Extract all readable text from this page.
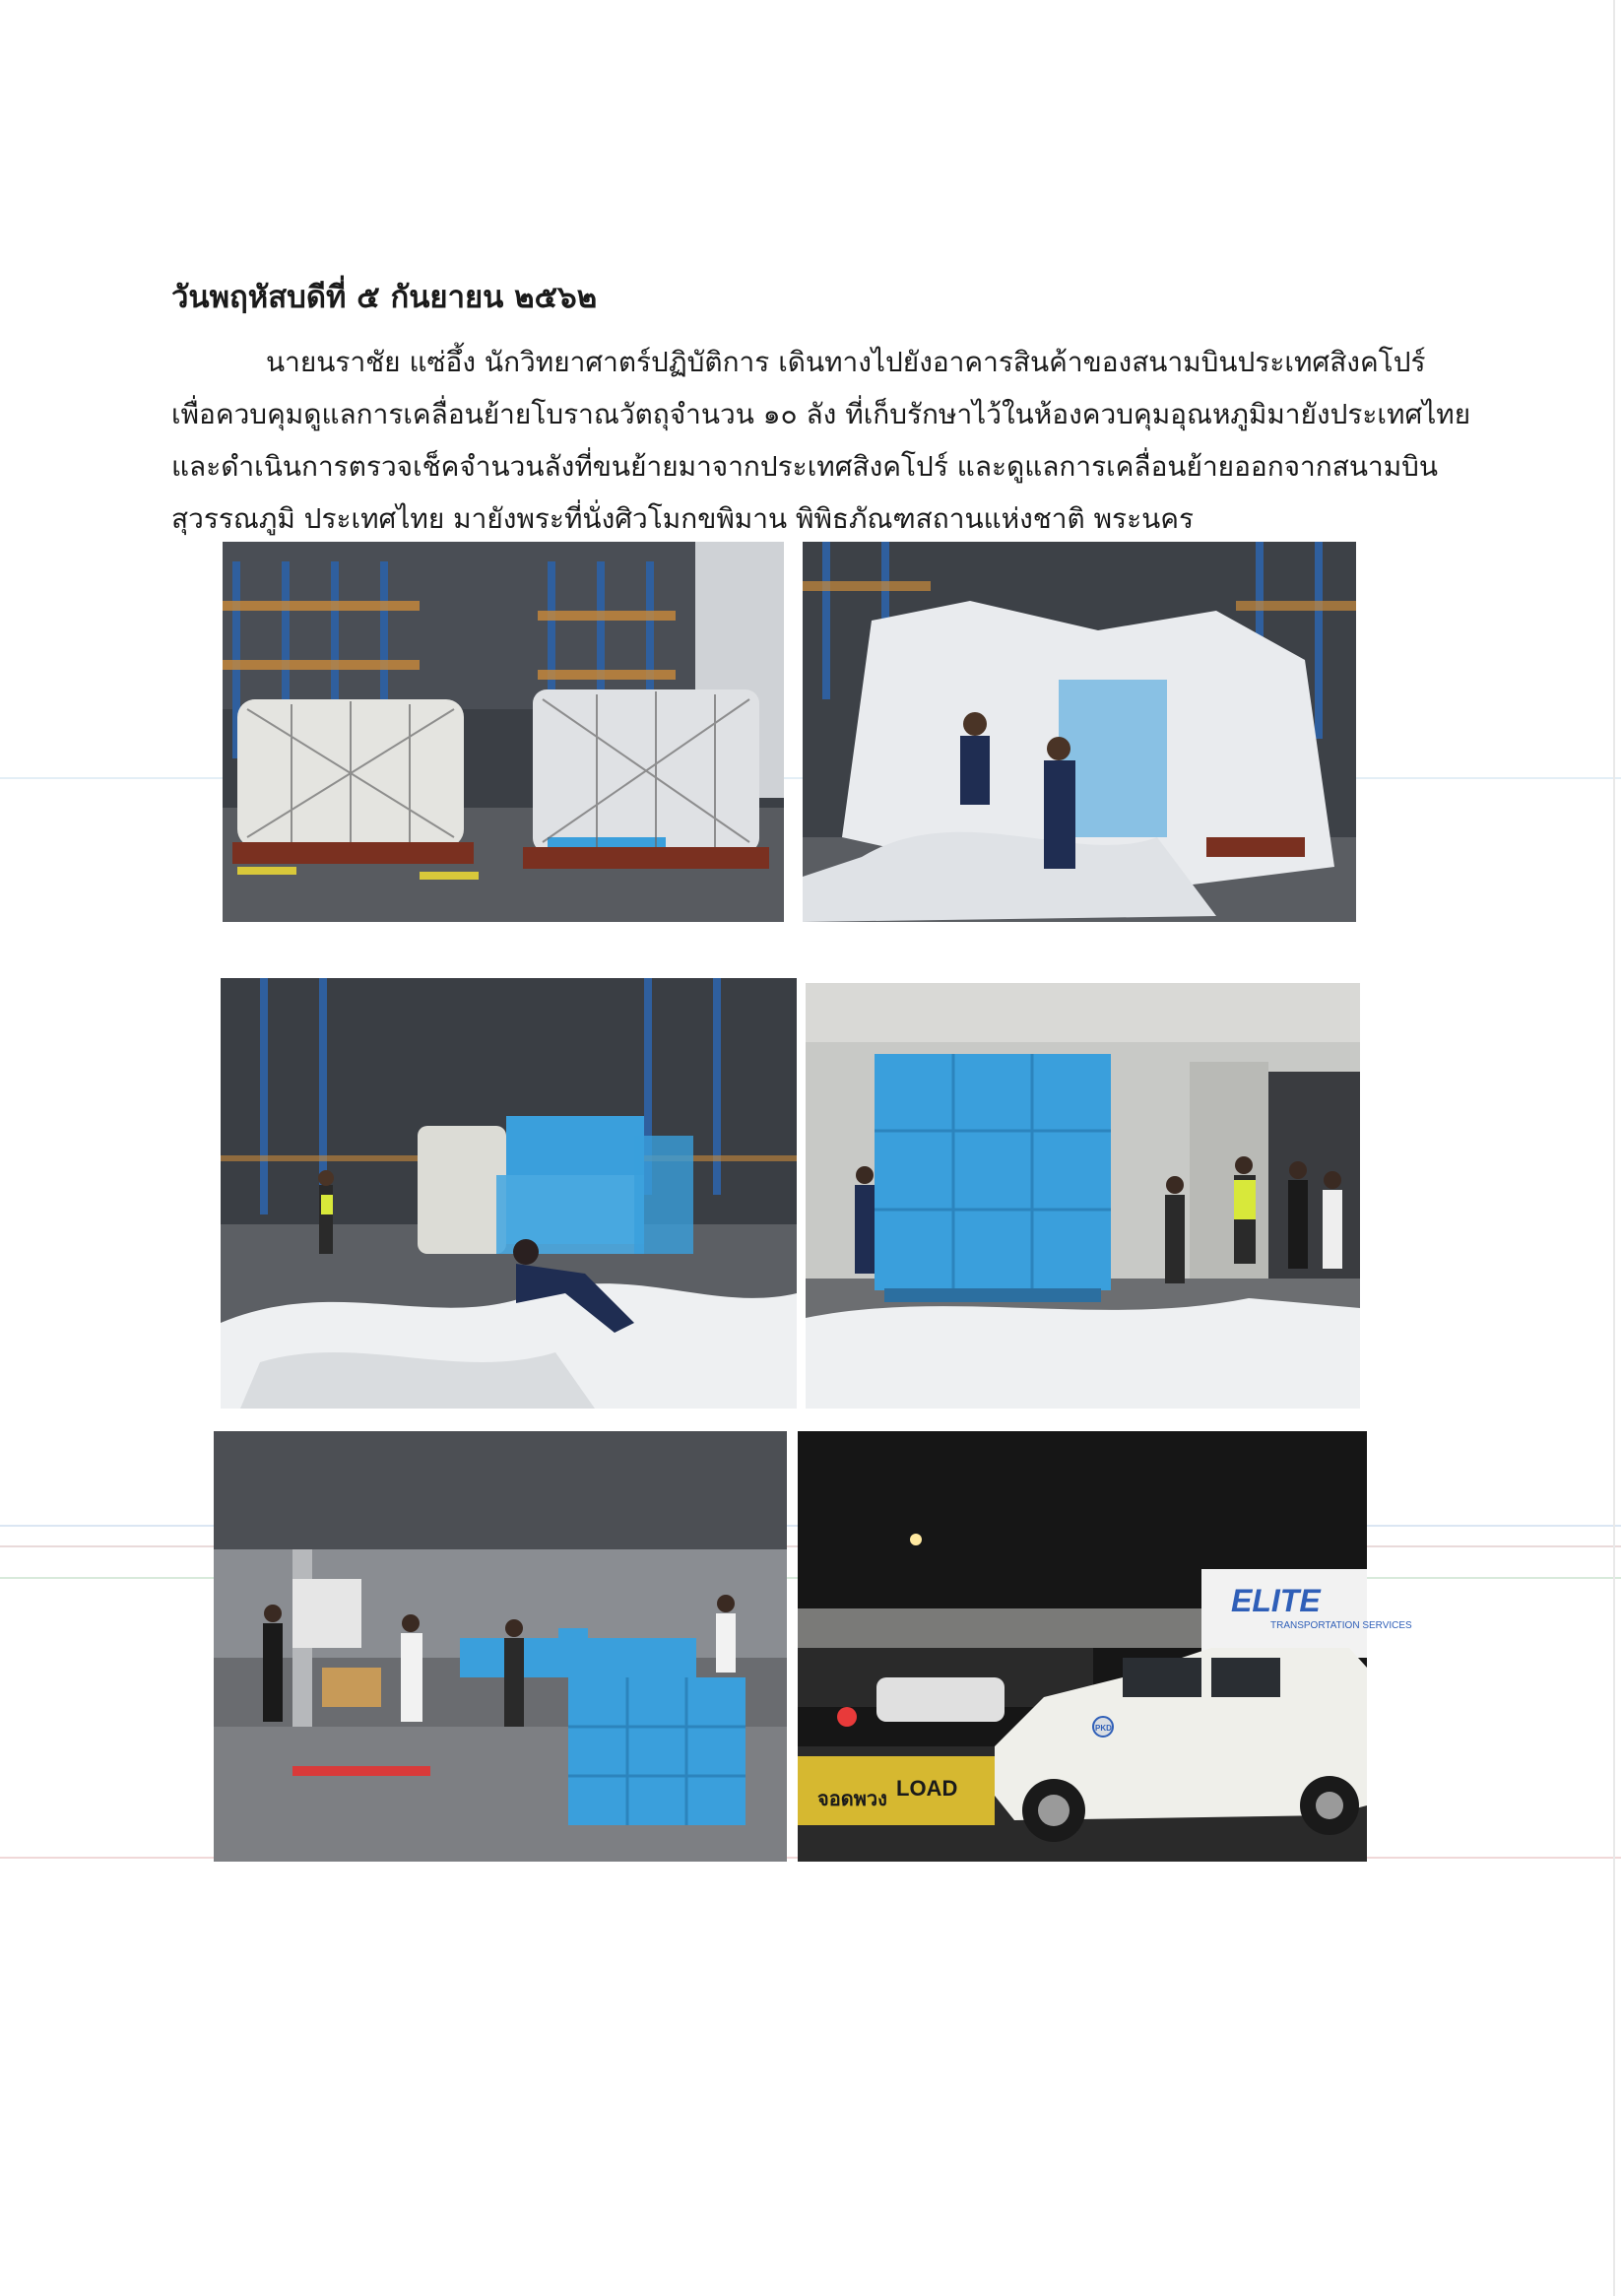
วันพฤหัสบดีที่ ๕ กันยายน ๒๕๖๒
นายนราชัย แซ่อึ้ง นักวิทยาศาตร์ปฏิบัติการ เดินทางไปยังอาคารสินค้าของสนามบินประเทศสิงคโปร์
เพื่อควบคุมดูแลการเคลื่อนย้ายโบราณวัตถุจำนวน ๑๐ ลัง ที่เก็บรักษาไว้ในห้องควบคุมอุณหภูมิมายังประเทศไทย
และดำเนินการตรวจเช็คจำนวนลังที่ขนย้ายมาจากประเทศสิงคโปร์ และดูแลการเคลื่อนย้ายออกจากสนามบิน
สุวรรณภูมิ ประเทศไทย มายังพระที่นั่งศิวโมกขพิมาน พิพิธภัณฑสถานแห่งชาติ พระนคร
ELITE
TRANSPORTATION SERVICES
จอดพวง LOAD
PKD
